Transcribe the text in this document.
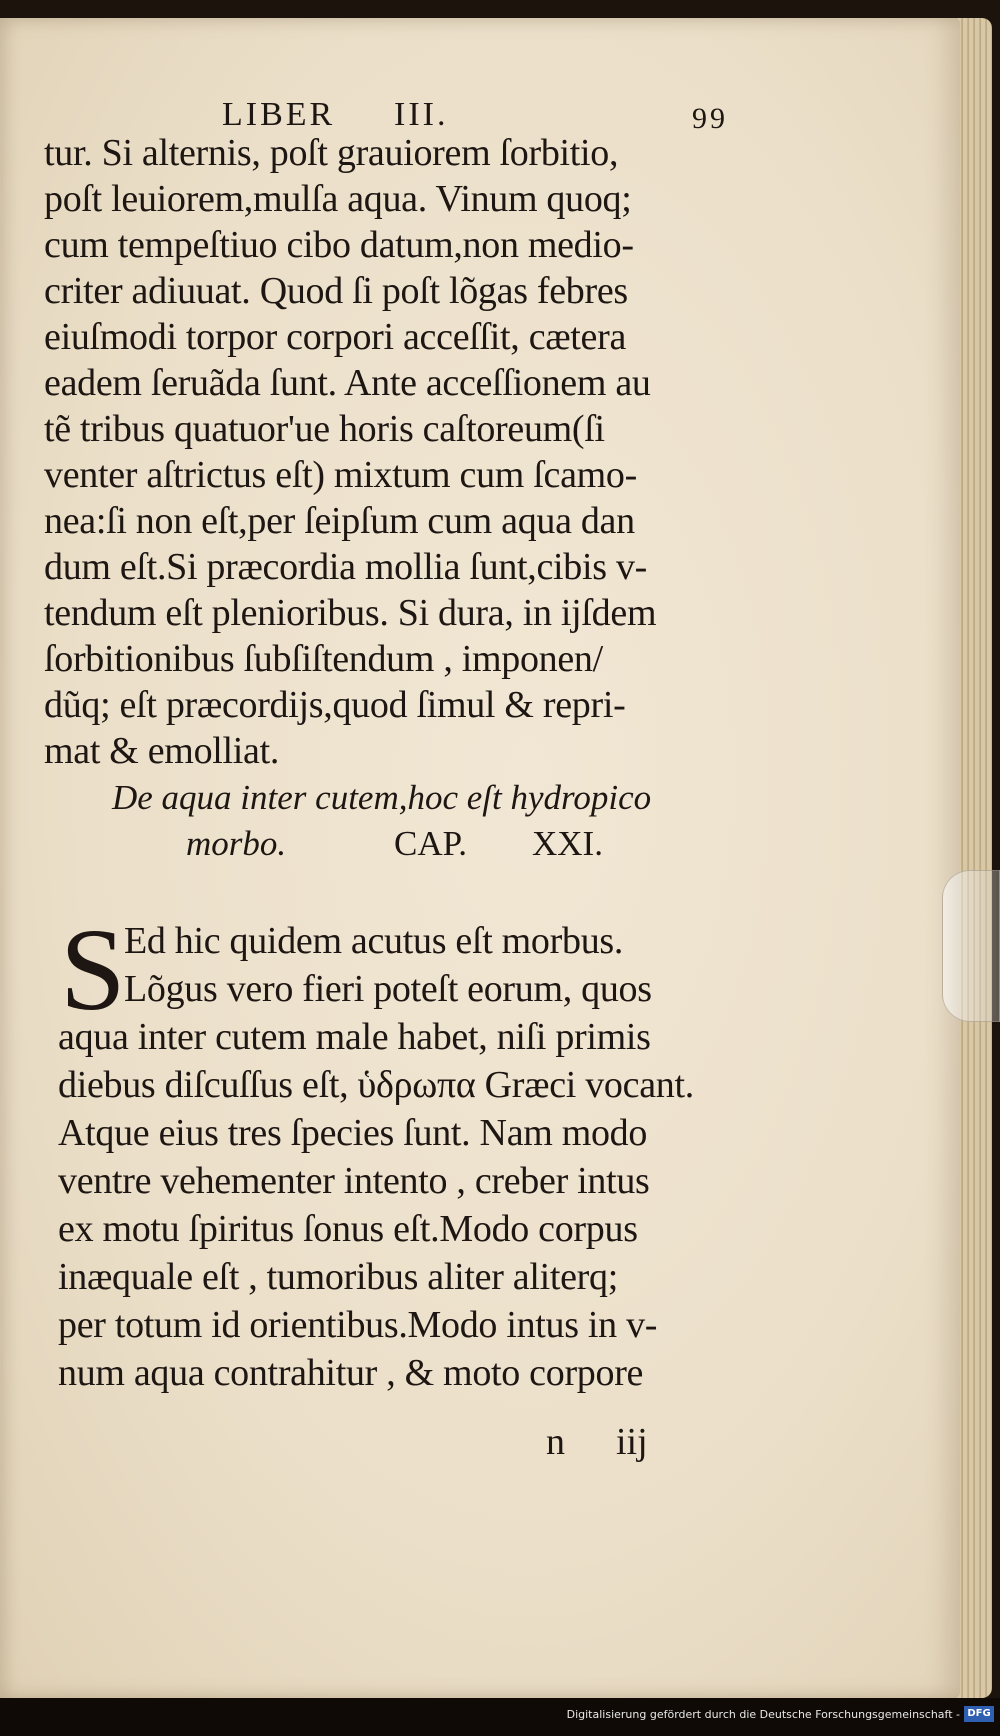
LIBER III.	99
tur. Si alternis, poſt grauiorem ſorbitio,
poſt leuiorem,mulſa aqua. Vinum quoq;
cum tempeſtiuo cibo datum,non medio-
criter adiuuat. Quod ſi poſt lõgas febres
eiuſmodi torpor corpori acceſſit, cætera
eadem ſeruãda ſunt. Ante acceſſionem au
tẽ tribus quatuor'ue horis caſtoreum(ſi
venter aſtrictus eſt) mixtum cum ſcamo-
nea:ſi non eſt,per ſeipſum cum aqua dan
dum eſt.Si præcordia mollia ſunt,cibis v-
tendum eſt plenioribus. Si dura, in ijſdem
ſorbitionibus ſubſiſtendum , imponen/
dũq; eſt præcordijs,quod ſimul & repri-
mat & emolliat.
De aqua inter cutem,hoc eſt hydropico
morbo.	CAP. XXI.
S
Ed hic quidem acutus eſt morbus.
Lõgus vero fieri poteſt eorum, quos
aqua inter cutem male habet, niſi primis
diebus diſcuſſus eſt, ὑδρωπα Græci vocant.
Atque eius tres ſpecies ſunt. Nam modo
ventre vehementer intento , creber intus
ex motu ſpiritus ſonus eſt.Modo corpus
inæquale eſt , tumoribus aliter aliterq;
per totum id orientibus.Modo intus in v-
num aqua contrahitur , & moto corpore
n iij
Digitalisierung gefördert durch die Deutsche Forschungsgemeinschaft - DFG
